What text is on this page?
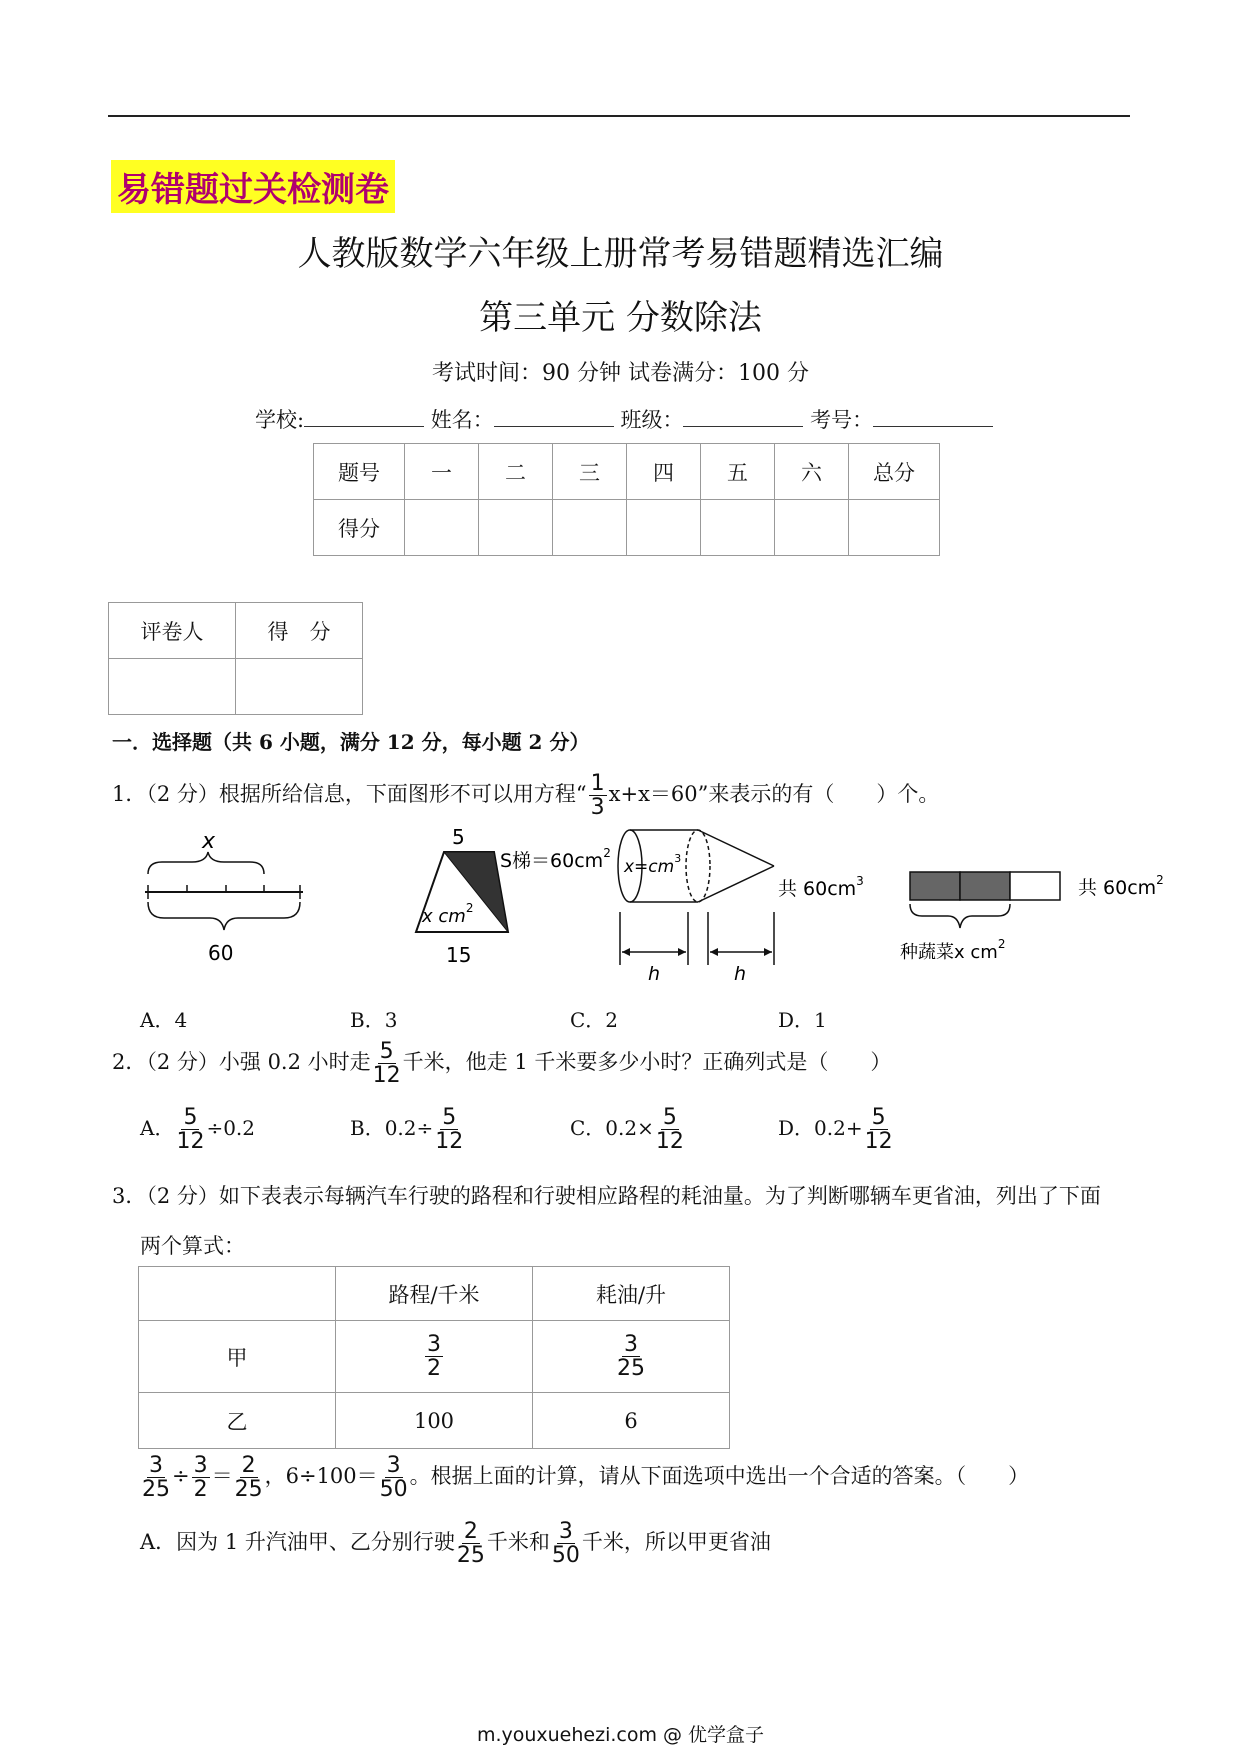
易错题过关检测卷
人教版数学六年级上册常考易错题精选汇编
第三单元 分数除法
考试时间：90 分钟 试卷满分：100 分
学校:	姓名：	班级：	考号：
题号	一	二	三	四	五	六	总分
得分							
评卷人	得　分

一．选择题（共 6 小题，满分 12 分，每小题 2 分）
1．（2 分）根据所给信息，下面图形不可以用方程“ $\frac{1}{3} x+x=60$”来表示的有（　　）个。
x
60
5
S梯$=60cm^2$
x $cm^2$
15
$x=cm^3$
共 $60cm^3$
h	h
共 $60cm^2$
种蔬菜x $cm^2$
A．4	B．3	C．2	D．1
2．（2 分）小强 0.2 小时走 $\frac{5}{12}$ 千米，他走 1 千米要多少小时？正确列式是（　　）
A． $\frac{5}{12} \div 0.2$	B．$0.2\div \frac{5}{12}$	C．$0.2\times \frac{5}{12}$	D．$0.2+ \frac{5}{12}$
3．（2 分）如下表表示每辆汽车行驶的路程和行驶相应路程的耗油量。为了判断哪辆车更省油，列出了下面
两个算式：
	路程/千米	耗油/升
甲	$\frac{3}{2}$	$\frac{3}{25}$

乙	100	6
$\frac{3}{25} \div \frac{3}{2} = \frac{2}{25}$ ，$6\div 100= \frac{3}{50}$ 。根据上面的计算，请从下面选项中选出一个合适的答案。（　　）
A．因为 1 升汽油甲、乙分别行驶 $\frac{2}{25}$ 千米和 $\frac{3}{50}$ 千米，所以甲更省油
m.youxuehezi.com @ 优学盒子
